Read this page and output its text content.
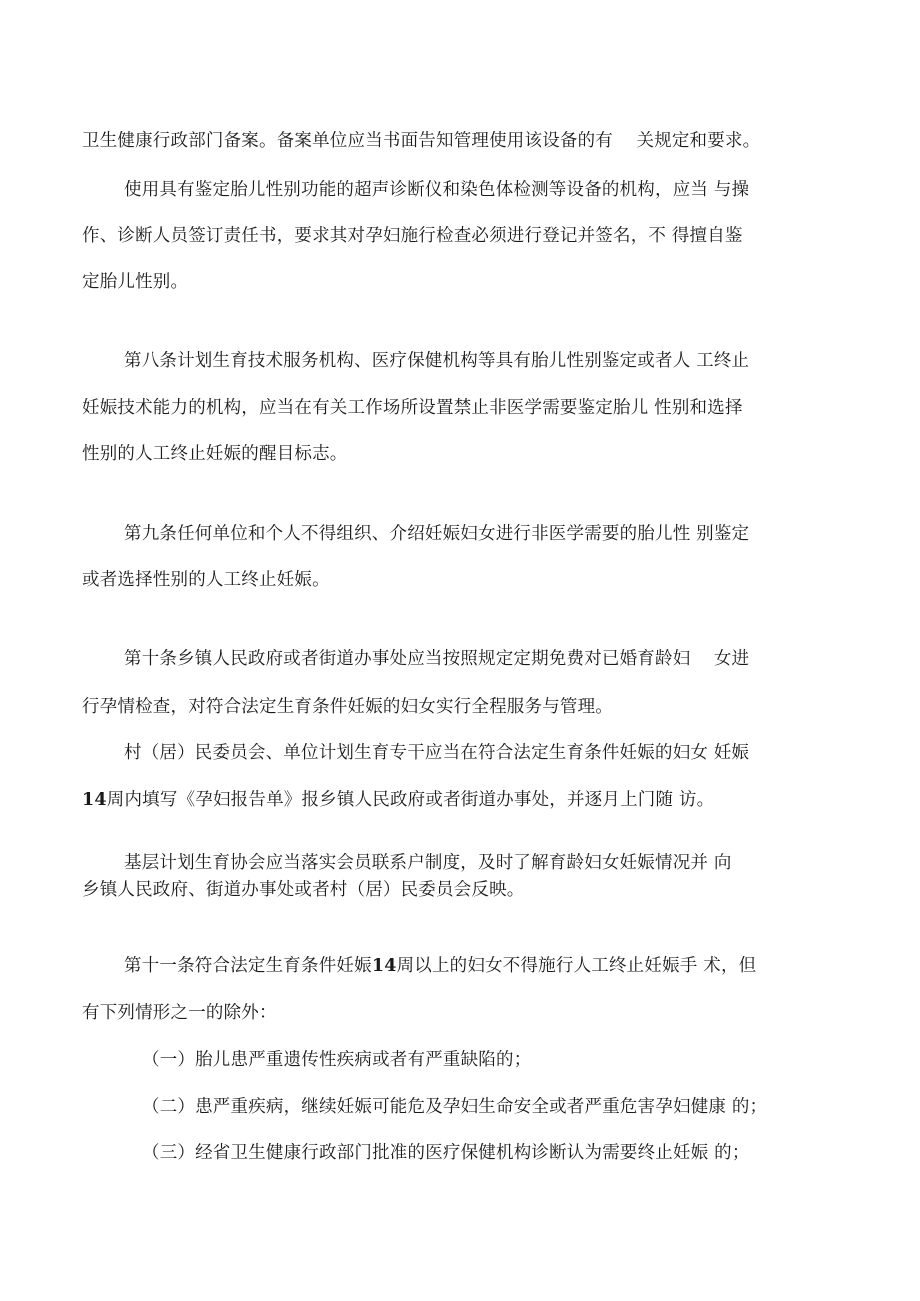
卫生健康行政部门备案。备案单位应当书面告知管理使用该设备的有　 关规定和要求。
使用具有鉴定胎儿性别功能的超声诊断仪和染色体检测等设备的机构，应当 与操
作、诊断人员签订责任书，要求其对孕妇施行检查必须进行登记并签名，不 得擅自鉴
定胎儿性别。
第八条计划生育技术服务机构、医疗保健机构等具有胎儿性别鉴定或者人 工终止
妊娠技术能力的机构，应当在有关工作场所设置禁止非医学需要鉴定胎儿 性别和选择
性别的人工终止妊娠的醒目标志。
第九条任何单位和个人不得组织、介绍妊娠妇女进行非医学需要的胎儿性 别鉴定
或者选择性别的人工终止妊娠。
第十条乡镇人民政府或者街道办事处应当按照规定定期免费对已婚育龄妇　 女进
行孕情检查，对符合法定生育条件妊娠的妇女实行全程服务与管理。
村（居）民委员会、单位计划生育专干应当在符合法定生育条件妊娠的妇女 妊娠
14周内填写《孕妇报告单》报乡镇人民政府或者街道办事处，并逐月上门随 访。
基层计划生育协会应当落实会员联系户制度，及时了解育龄妇女妊娠情况并 向
乡镇人民政府、街道办事处或者村（居）民委员会反映。
第十一条符合法定生育条件妊娠14周以上的妇女不得施行人工终止妊娠手 术，但
有下列情形之一的除外：
（一）胎儿患严重遗传性疾病或者有严重缺陷的；
（二）患严重疾病，继续妊娠可能危及孕妇生命安全或者严重危害孕妇健康 的；
（三）经省卫生健康行政部门批准的医疗保健机构诊断认为需要终止妊娠 的；
